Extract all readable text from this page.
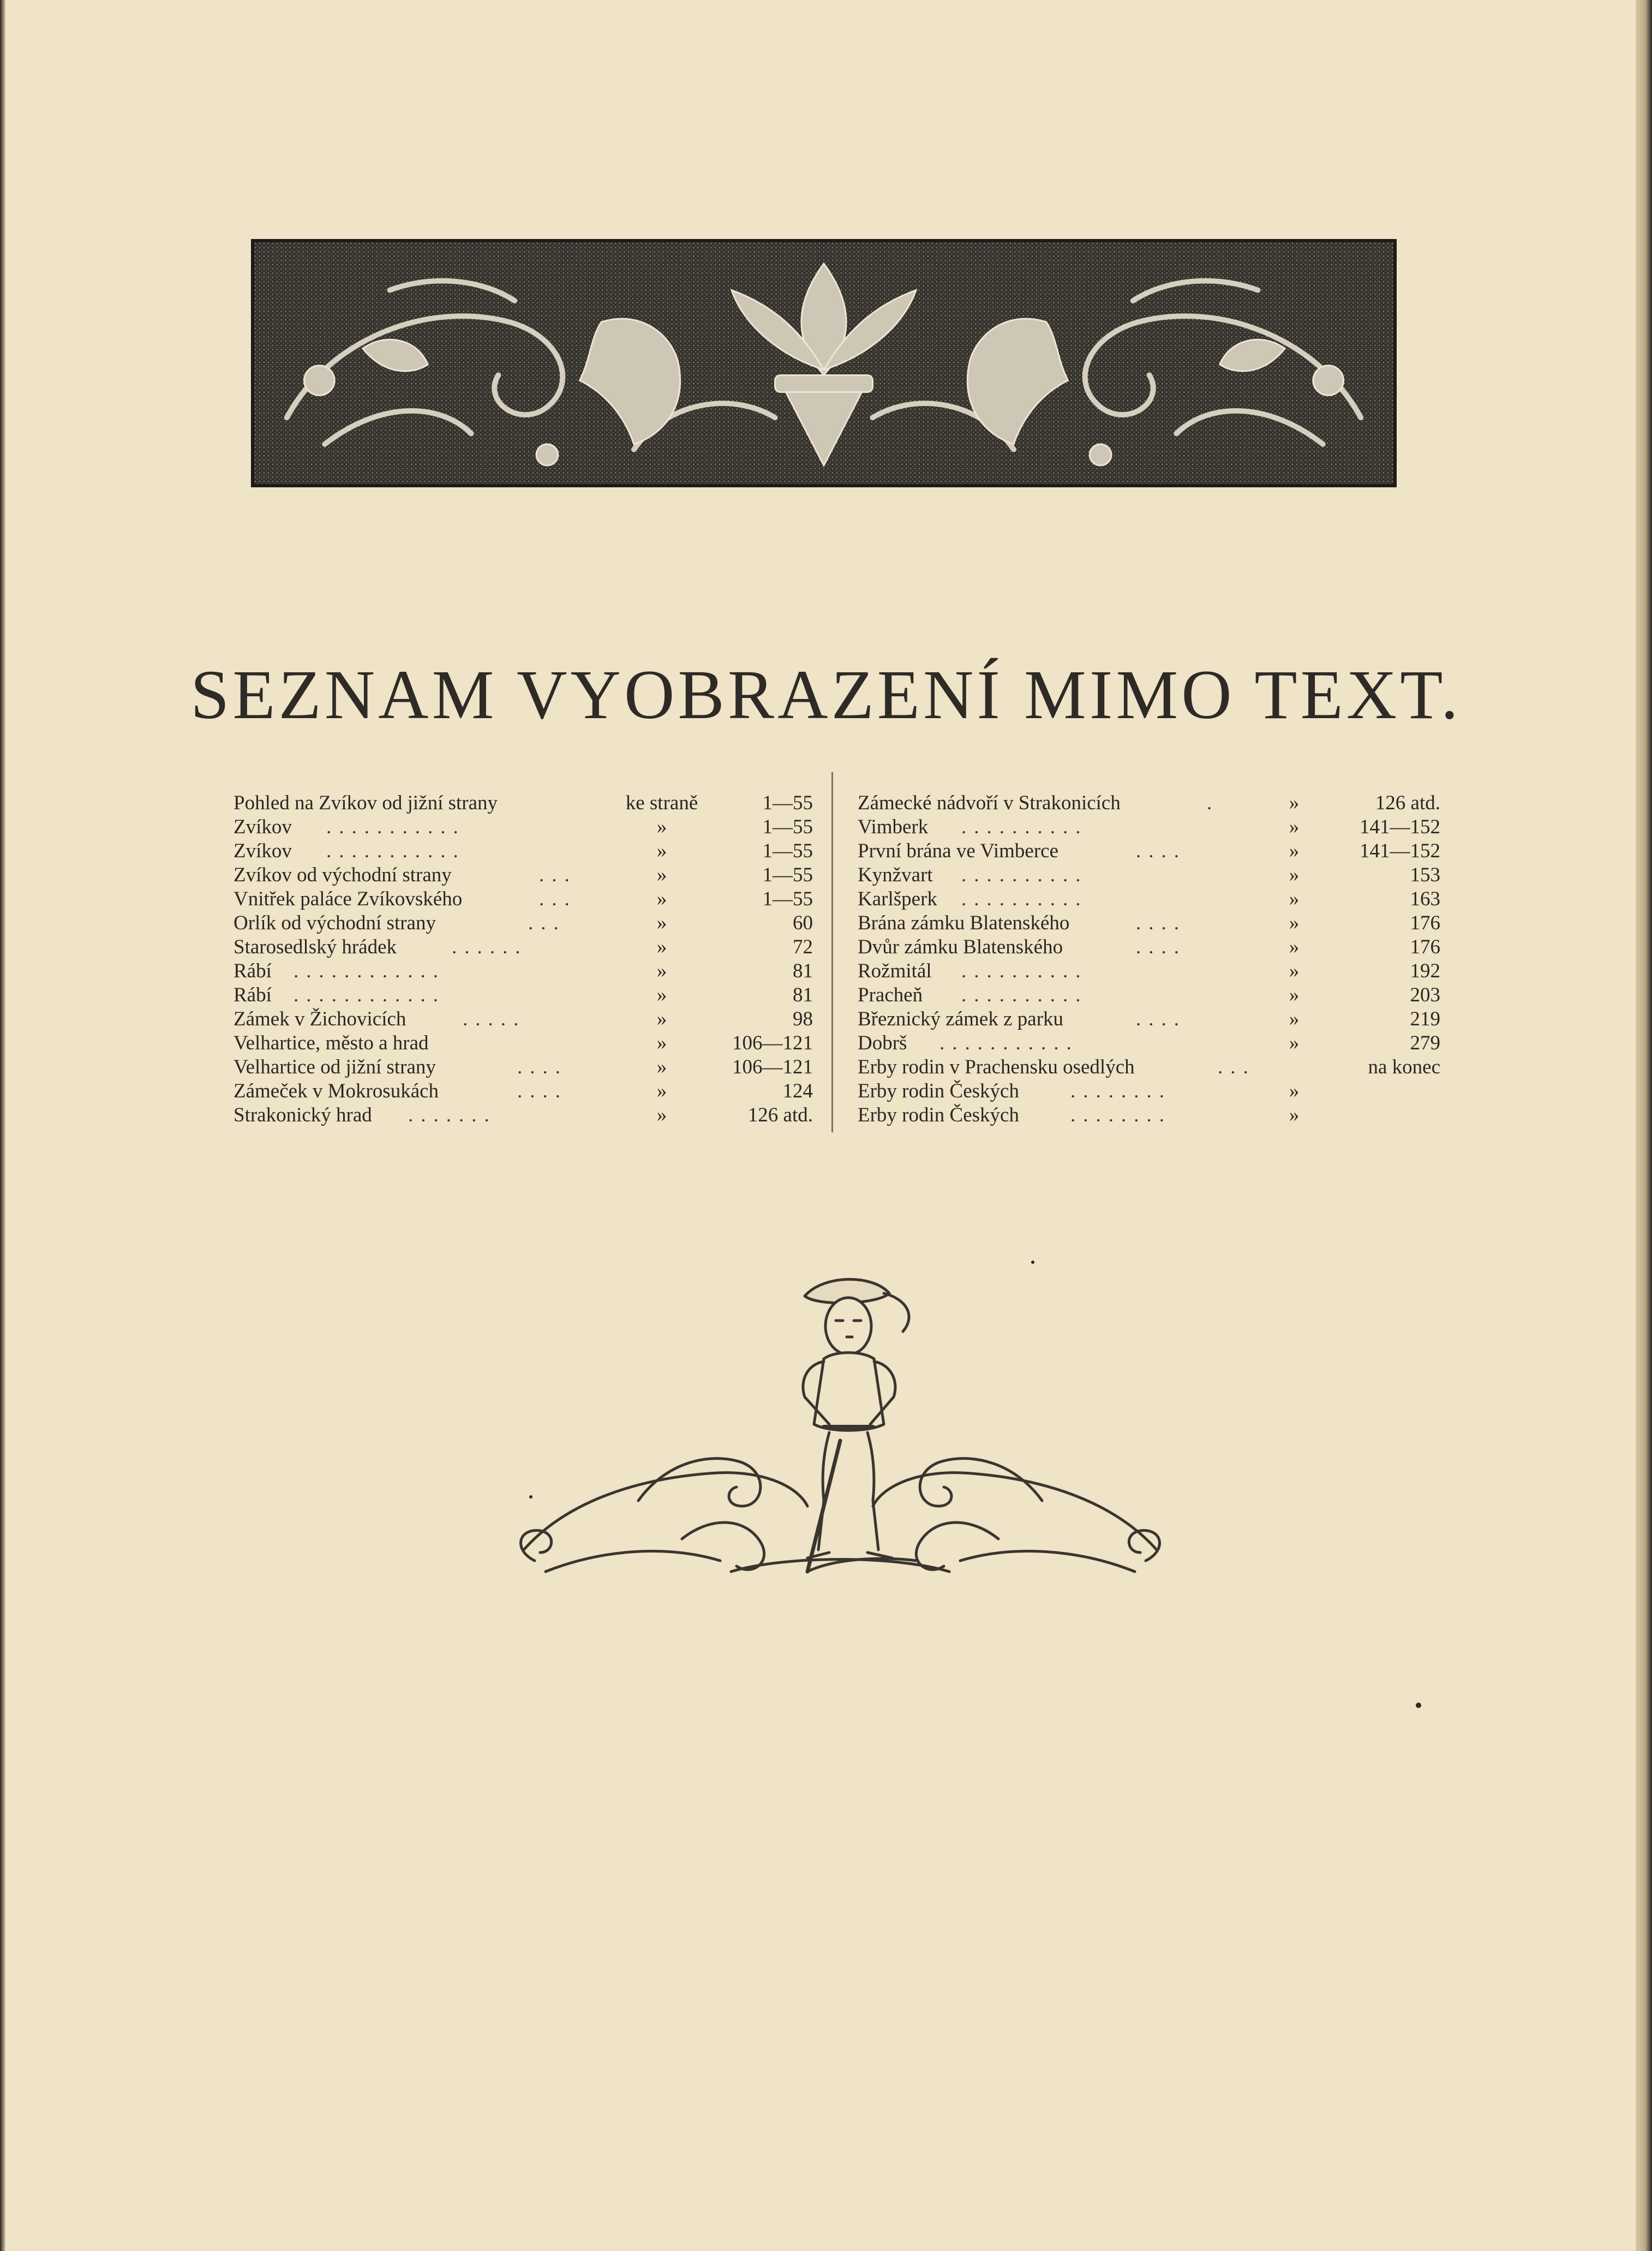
SEZNAM VYOBRAZENÍ MIMO TEXT.
Pohled na Zvíkov od jižní strany	ke straně	1—55
Zvíkov ...........	»	1—55
Zvíkov ...........	»	1—55
Zvíkov od východní strany	...	»	1—55
Vnitřek paláce Zvíkovského	...	»	1—55
Orlík od východní strany	...	»	60
Starosedlský hrádek	......	»	72
Rábí ............	»	81
Rábí ............	»	81
Zámek v Žichovicích	.....	»	98
Velhartice, město a hrad	»	106—121
Velhartice od jižní strany	....	»	106—121
Zámeček v Mokrosukách	....	»	124
Strakonický hrad .......	»	126 atd.
Zámecké nádvoří v Strakonicích	.	»	126 atd.
Vimberk ..........	»	141—152
První brána ve Vimberce	....	»	141—152
Kynžvart ..........	»	153
Karlšperk ..........	»	163
Brána zámku Blatenského	....	»	176
Dvůr zámku Blatenského	....	»	176
Rožmitál ..........	»	192
Pracheň ..........	»	203
Březnický zámek z parku	....	»	219
Dobrš ...........	»	279
Erby rodin v Prachensku osedlých	...	na konec
Erby rodin Českých	........	»
Erby rodin Českých	........	»
